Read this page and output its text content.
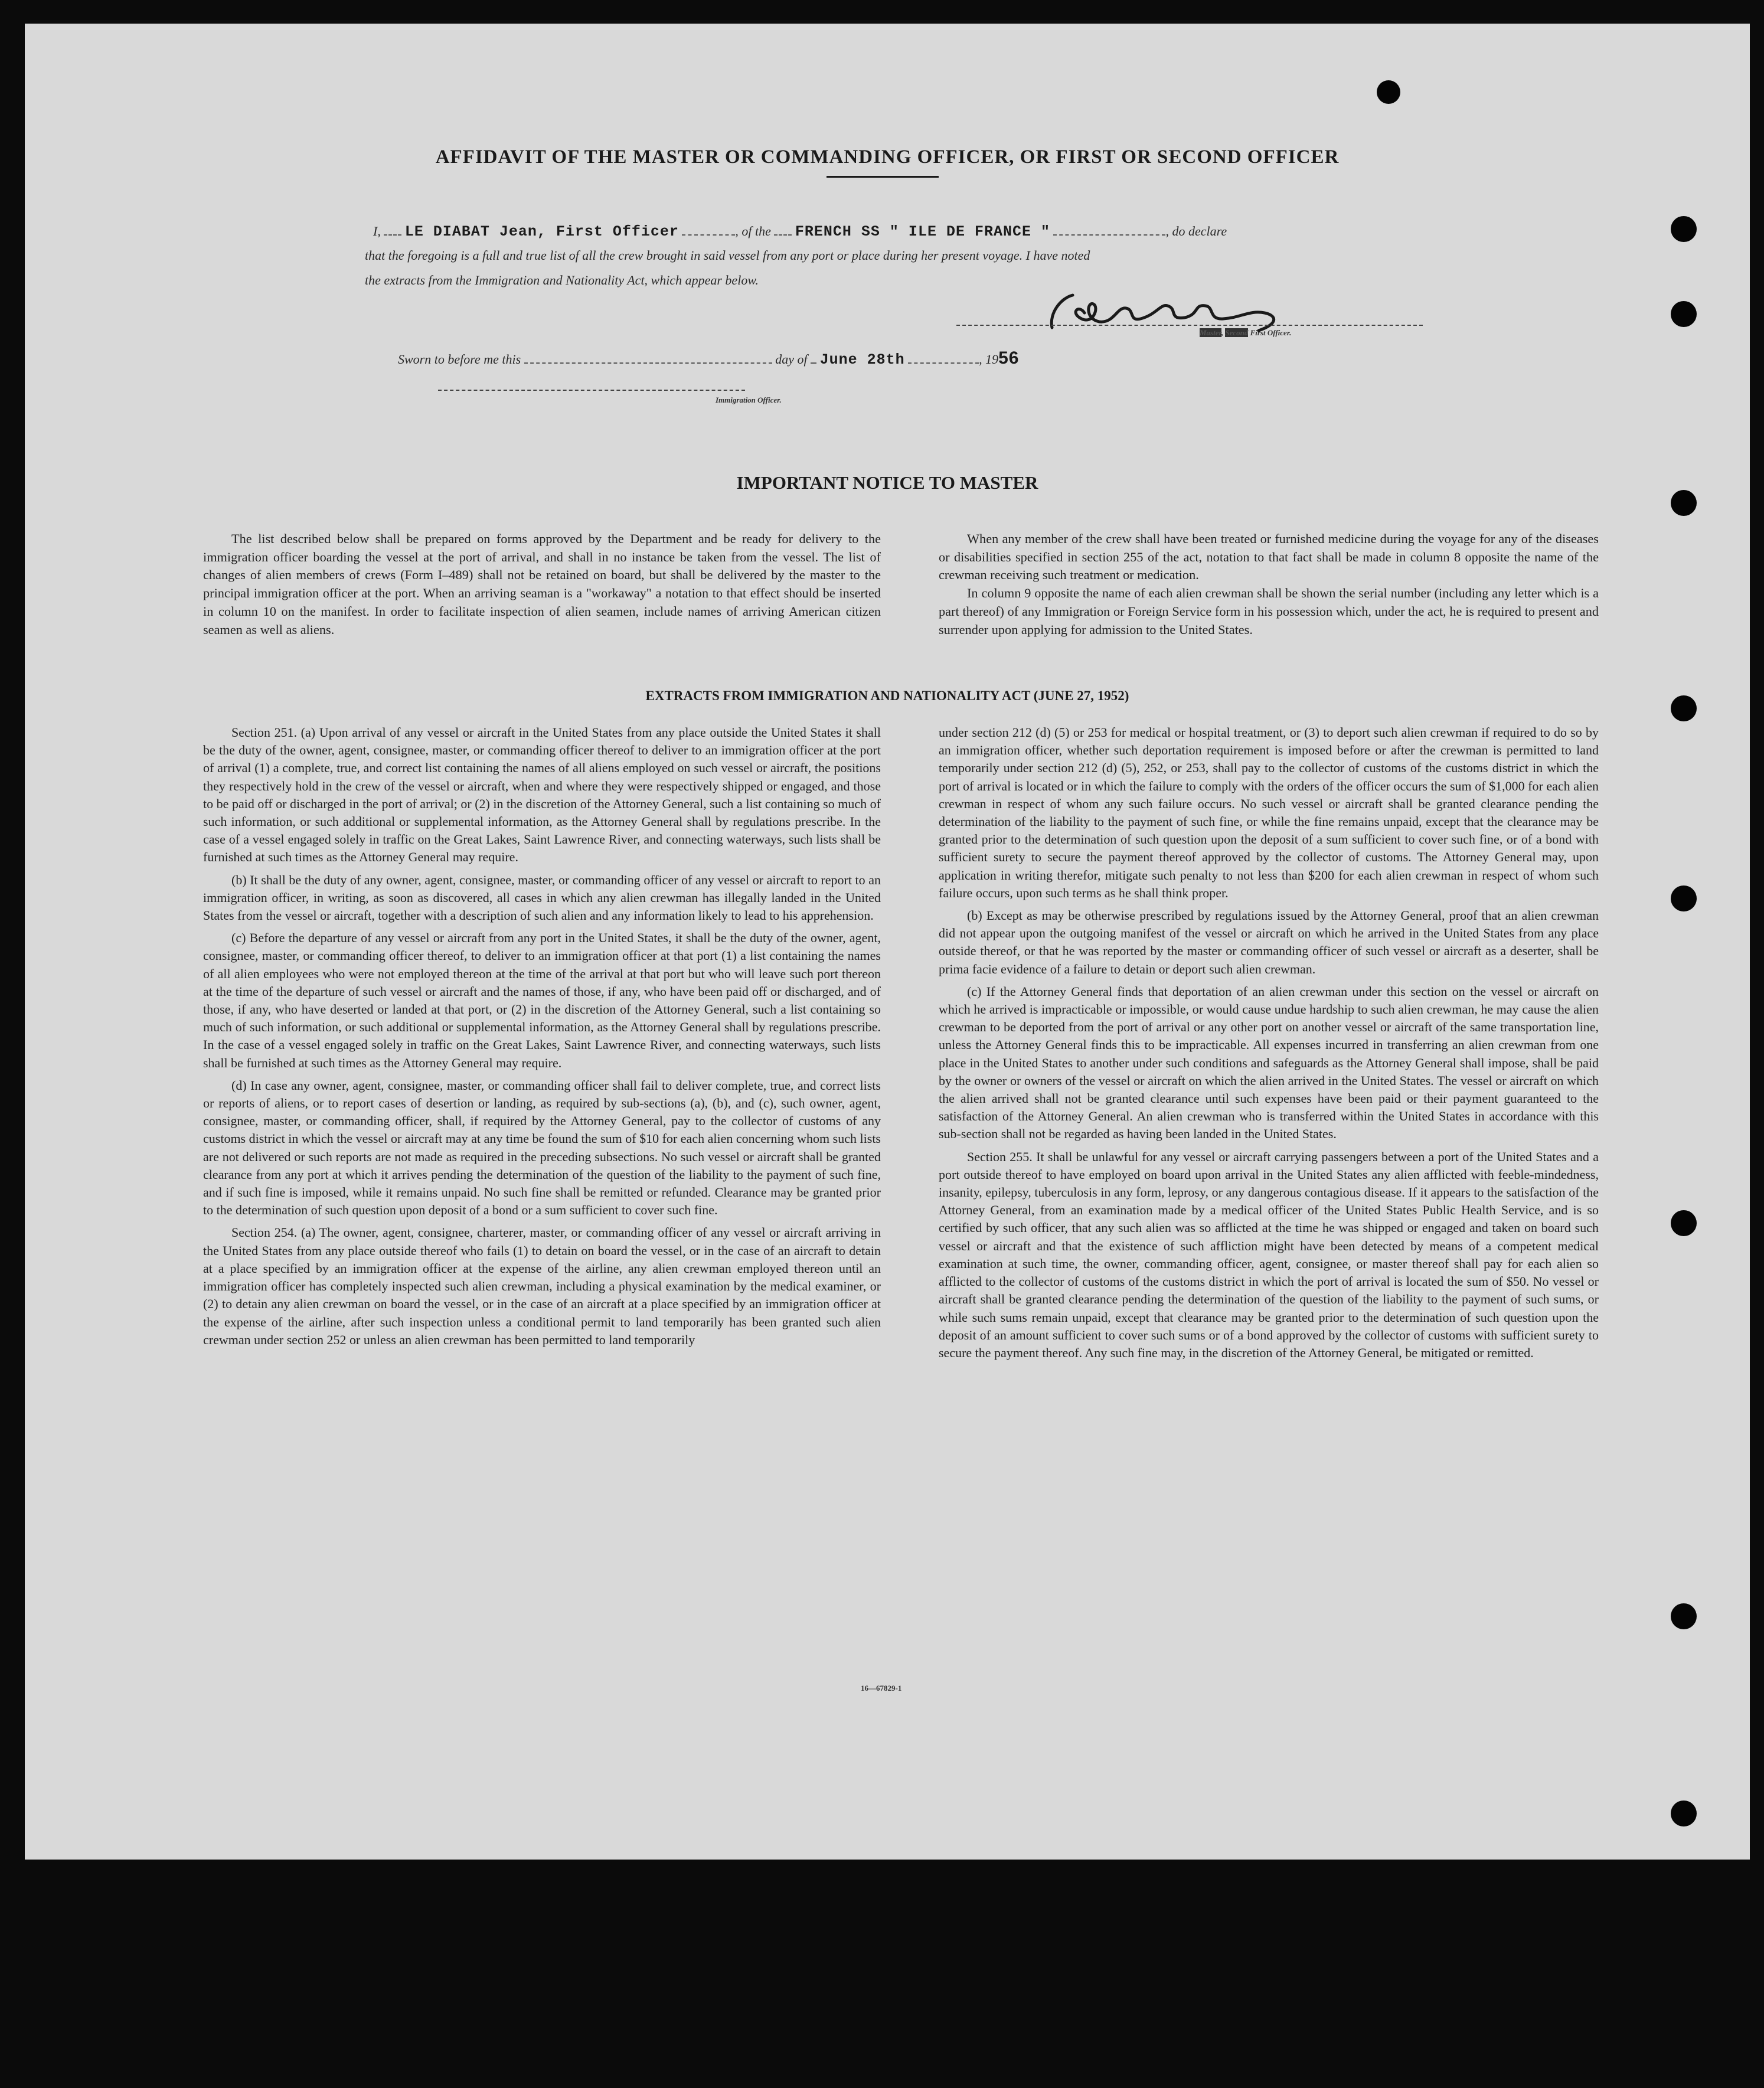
AFFIDAVIT OF THE MASTER OR COMMANDING OFFICER, OR FIRST OR SECOND OFFICER
I, LE DIABAT Jean, First Officer	, of the FRENCH SS " ILE DE FRANCE "	, do declare
that the foregoing is a full and true list of all the crew brought in said vessel from any port or place during her present voyage. I have noted
the extracts from the Immigration and Nationality Act, which appear below.
Master, Second First Officer.
Sworn to before me this	day of June 28th	, 1956
Immigration Officer.
IMPORTANT NOTICE TO MASTER

The list described below shall be prepared on forms approved by the Department and be ready for delivery to the immigration officer boarding the vessel at the port of arrival, and shall in no instance be taken from the vessel. The list of changes of alien members of crews (Form I–489) shall not be retained on board, but shall be delivered by the master to the principal immigration officer at the port. When an arriving seaman is a "workaway" a notation to that effect should be inserted in column 10 on the manifest. In order to facilitate inspection of alien seamen, include names of arriving American citizen seamen as well as aliens.

When any member of the crew shall have been treated or furnished medicine during the voyage for any of the diseases or disabilities specified in section 255 of the act, notation to that fact shall be made in column 8 opposite the name of the crewman receiving such treatment or medication.

In column 9 opposite the name of each alien crewman shall be shown the serial number (including any letter which is a part thereof) of any Immigration or Foreign Service form in his possession which, under the act, he is required to present and surrender upon applying for admission to the United States.

EXTRACTS FROM IMMIGRATION AND NATIONALITY ACT (JUNE 27, 1952)

Section 251. (a) Upon arrival of any vessel or aircraft in the United States from any place outside the United States it shall be the duty of the owner, agent, consignee, master, or commanding officer thereof to deliver to an immigration officer at the port of arrival (1) a complete, true, and correct list containing the names of all aliens employed on such vessel or aircraft, the positions they respectively hold in the crew of the vessel or aircraft, when and where they were respectively shipped or engaged, and those to be paid off or discharged in the port of arrival; or (2) in the discretion of the Attorney General, such a list containing so much of such information, or such additional or supplemental information, as the Attorney General shall by regulations prescribe. In the case of a vessel engaged solely in traffic on the Great Lakes, Saint Lawrence River, and connecting waterways, such lists shall be furnished at such times as the Attorney General may require.

(b) It shall be the duty of any owner, agent, consignee, master, or commanding officer of any vessel or aircraft to report to an immigration officer, in writing, as soon as discovered, all cases in which any alien crewman has illegally landed in the United States from the vessel or aircraft, together with a description of such alien and any information likely to lead to his apprehension.

(c) Before the departure of any vessel or aircraft from any port in the United States, it shall be the duty of the owner, agent, consignee, master, or commanding officer thereof, to deliver to an immigration officer at that port (1) a list containing the names of all alien employees who were not employed thereon at the time of the arrival at that port but who will leave such port thereon at the time of the departure of such vessel or aircraft and the names of those, if any, who have been paid off or discharged, and of those, if any, who have deserted or landed at that port, or (2) in the discretion of the Attorney General, such a list containing so much of such information, or such additional or supplemental information, as the Attorney General shall by regulations prescribe. In the case of a vessel engaged solely in traffic on the Great Lakes, Saint Lawrence River, and connecting waterways, such lists shall be furnished at such times as the Attorney General may require.

(d) In case any owner, agent, consignee, master, or commanding officer shall fail to deliver complete, true, and correct lists or reports of aliens, or to report cases of desertion or landing, as required by sub-sections (a), (b), and (c), such owner, agent, consignee, master, or commanding officer, shall, if required by the Attorney General, pay to the collector of customs of any customs district in which the vessel or aircraft may at any time be found the sum of $10 for each alien concerning whom such lists are not delivered or such reports are not made as required in the preceding subsections. No such vessel or aircraft shall be granted clearance from any port at which it arrives pending the determination of the question of the liability to the payment of such fine, and if such fine is imposed, while it remains unpaid. No such fine shall be remitted or refunded. Clearance may be granted prior to the determination of such question upon deposit of a bond or a sum sufficient to cover such fine.

Section 254. (a) The owner, agent, consignee, charterer, master, or commanding officer of any vessel or aircraft arriving in the United States from any place outside thereof who fails (1) to detain on board the vessel, or in the case of an aircraft to detain at a place specified by an immigration officer at the expense of the airline, any alien crewman employed thereon until an immigration officer has completely inspected such alien crewman, including a physical examination by the medical examiner, or (2) to detain any alien crewman on board the vessel, or in the case of an aircraft at a place specified by an immigration officer at the expense of the airline, after such inspection unless a conditional permit to land temporarily has been granted such alien crewman under section 252 or unless an alien crewman has been permitted to land temporarily

under section 212 (d) (5) or 253 for medical or hospital treatment, or (3) to deport such alien crewman if required to do so by an immigration officer, whether such deportation requirement is imposed before or after the crewman is permitted to land temporarily under section 212 (d) (5), 252, or 253, shall pay to the collector of customs of the customs district in which the port of arrival is located or in which the failure to comply with the orders of the officer occurs the sum of $1,000 for each alien crewman in respect of whom any such failure occurs. No such vessel or aircraft shall be granted clearance pending the determination of the liability to the payment of such fine, or while the fine remains unpaid, except that the clearance may be granted prior to the determination of such question upon the deposit of a sum sufficient to cover such fine, or of a bond with sufficient surety to secure the payment thereof approved by the collector of customs. The Attorney General may, upon application in writing therefor, mitigate such penalty to not less than $200 for each alien crewman in respect of whom such failure occurs, upon such terms as he shall think proper.

(b) Except as may be otherwise prescribed by regulations issued by the Attorney General, proof that an alien crewman did not appear upon the outgoing manifest of the vessel or aircraft on which he arrived in the United States from any place outside thereof, or that he was reported by the master or commanding officer of such vessel or aircraft as a deserter, shall be prima facie evidence of a failure to detain or deport such alien crewman.

(c) If the Attorney General finds that deportation of an alien crewman under this section on the vessel or aircraft on which he arrived is impracticable or impossible, or would cause undue hardship to such alien crewman, he may cause the alien crewman to be deported from the port of arrival or any other port on another vessel or aircraft of the same transportation line, unless the Attorney General finds this to be impracticable. All expenses incurred in transferring an alien crewman from one place in the United States to another under such conditions and safeguards as the Attorney General shall impose, shall be paid by the owner or owners of the vessel or aircraft on which the alien arrived in the United States. The vessel or aircraft on which the alien arrived shall not be granted clearance until such expenses have been paid or their payment guaranteed to the satisfaction of the Attorney General. An alien crewman who is transferred within the United States in accordance with this sub-section shall not be regarded as having been landed in the United States.

Section 255. It shall be unlawful for any vessel or aircraft carrying passengers between a port of the United States and a port outside thereof to have employed on board upon arrival in the United States any alien afflicted with feeble-mindedness, insanity, epilepsy, tuberculosis in any form, leprosy, or any dangerous contagious disease. If it appears to the satisfaction of the Attorney General, from an examination made by a medical officer of the United States Public Health Service, and is so certified by such officer, that any such alien was so afflicted at the time he was shipped or engaged and taken on board such vessel or aircraft and that the existence of such affliction might have been detected by means of a competent medical examination at such time, the owner, commanding officer, agent, consignee, or master thereof shall pay for each alien so afflicted to the collector of customs of the customs district in which the port of arrival is located the sum of $50. No vessel or aircraft shall be granted clearance pending the determination of the question of the liability to the payment of such sums, or while such sums remain unpaid, except that clearance may be granted prior to the determination of such question upon the deposit of an amount sufficient to cover such sums or of a bond approved by the collector of customs with sufficient surety to secure the payment thereof. Any such fine may, in the discretion of the Attorney General, be mitigated or remitted.

16—67829-1
